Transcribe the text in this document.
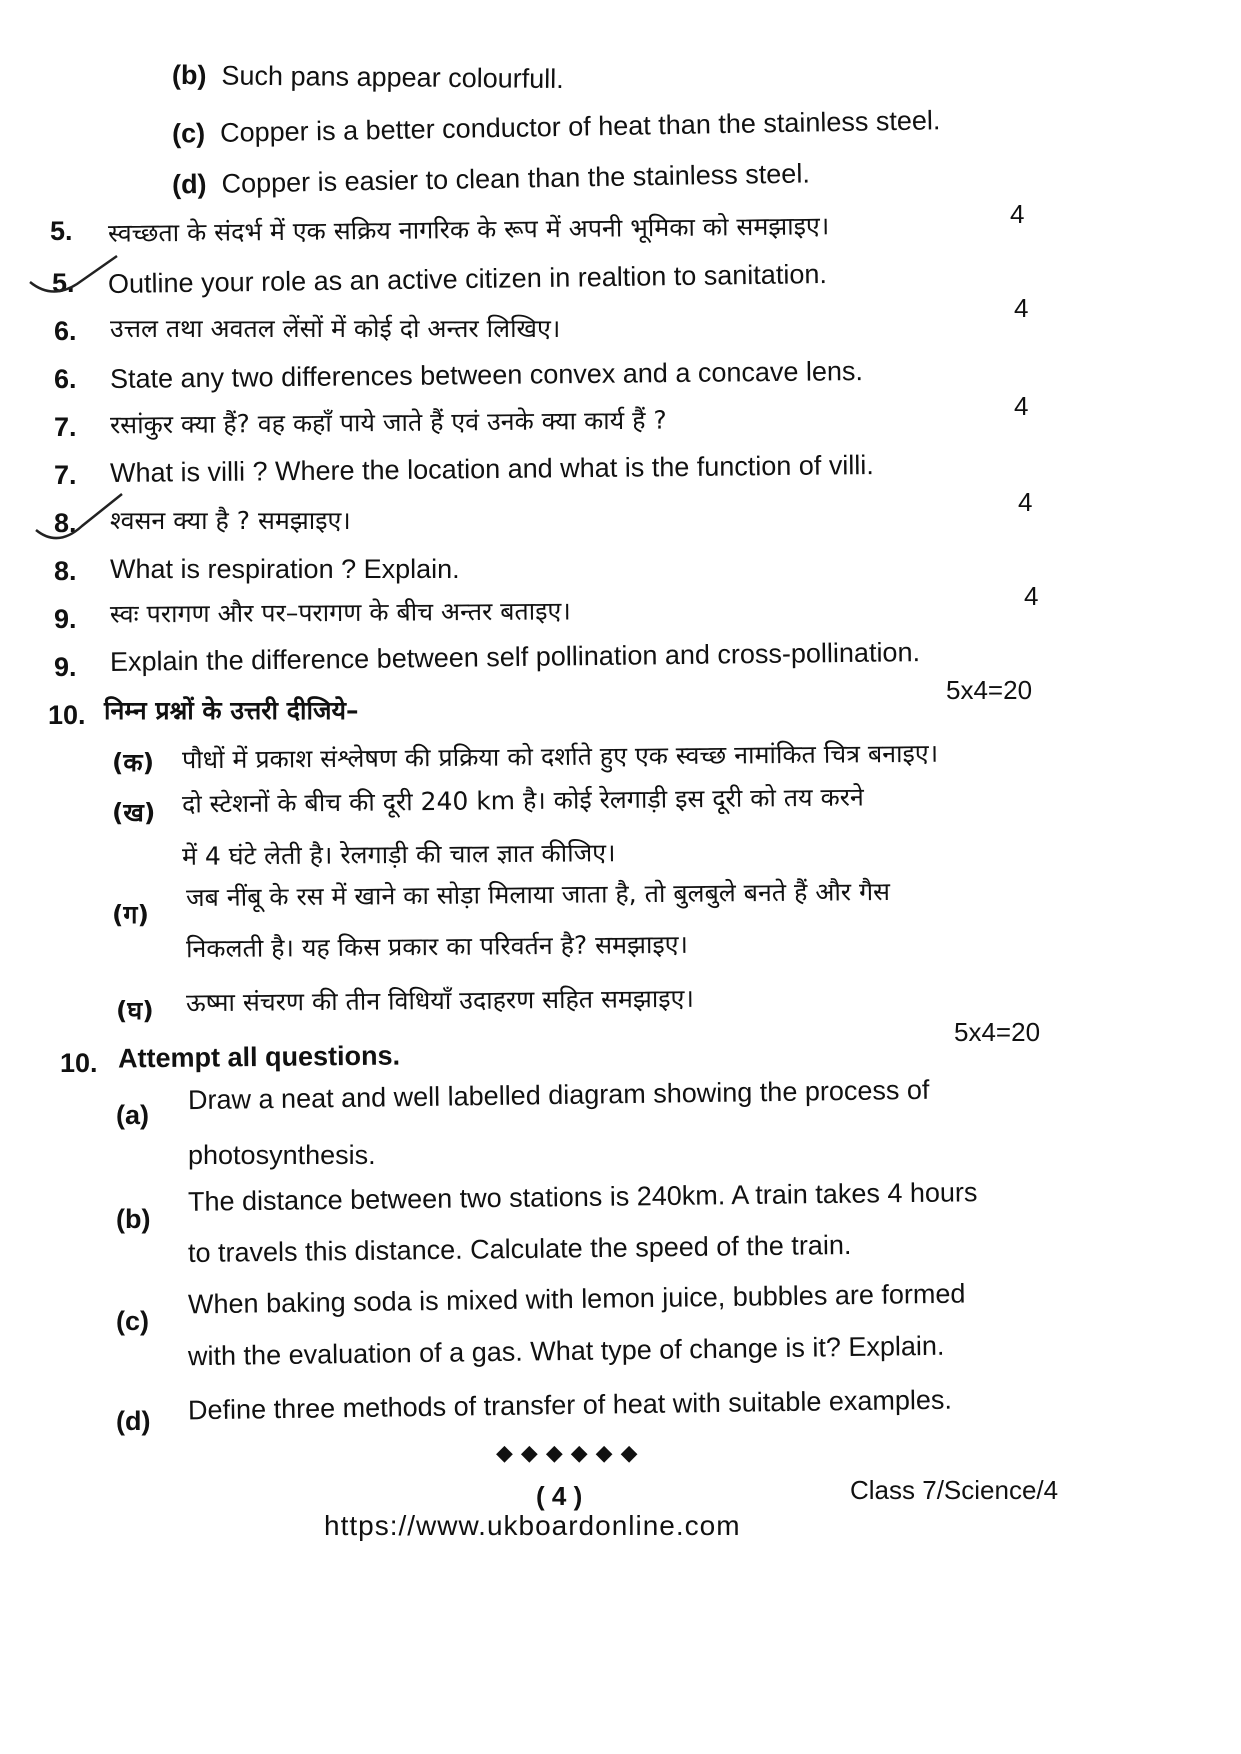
(b) Such pans appear colourfull.
(c) Copper is a better conductor of heat than the stainless steel.
(d) Copper is easier to clean than the stainless steel.
5. स्वच्छता के संदर्भ में एक सक्रिय नागरिक के रूप में अपनी भूमिका को समझाइए।	4
5. Outline your role as an active citizen in realtion to sanitation.
6. उत्तल तथा अवतल लेंसों में कोई दो अन्तर लिखिए।
4
6. State any two differences between convex and a concave lens.
7. रसांकुर क्या हैं? वह कहाँ पाये जाते हैं एवं उनके क्या कार्य हैं ?	4
7. What is villi ? Where the location and what is the function of villi.
8. श्वसन क्या है ? समझाइए।
4
8. What is respiration ? Explain.
9. स्वः परागण और पर–परागण के बीच अन्तर बताइए।
4
9. Explain the difference between self pollination and cross-pollination.
10. निम्न प्रश्नों के उत्तरी दीजिये–
5x4=20
(क) पौधों में प्रकाश संश्लेषण की प्रक्रिया को दर्शाते हुए एक स्वच्छ नामांकित चित्र बनाइए।
(ख) दो स्टेशनों के बीच की दूरी 240 km है। कोई रेलगाड़ी इस दूरी को तय करने
में 4 घंटे लेती है। रेलगाड़ी की चाल ज्ञात कीजिए।
(ग)
जब नींबू के रस में खाने का सोड़ा मिलाया जाता है, तो बुलबुले बनते हैं और गैस
निकलती है। यह किस प्रकार का परिवर्तन है? समझाइए।
(घ) ऊष्मा संचरण की तीन विधियाँ उदाहरण सहित समझाइए।
5x4=20
10. Attempt all questions.
(a) Draw a neat and well labelled diagram showing the process of
photosynthesis.
(b)
The distance between two stations is 240km. A train takes 4 hours
to travels this distance. Calculate the speed of the train.
(c)
When baking soda is mixed with lemon juice, bubbles are formed
with the evaluation of a gas. What type of change is it? Explain.
(d) Define three methods of transfer of heat with suitable examples.
◆◆◆◆◆◆
( 4 )	Class 7/Science/4
https://www.ukboardonline.com
